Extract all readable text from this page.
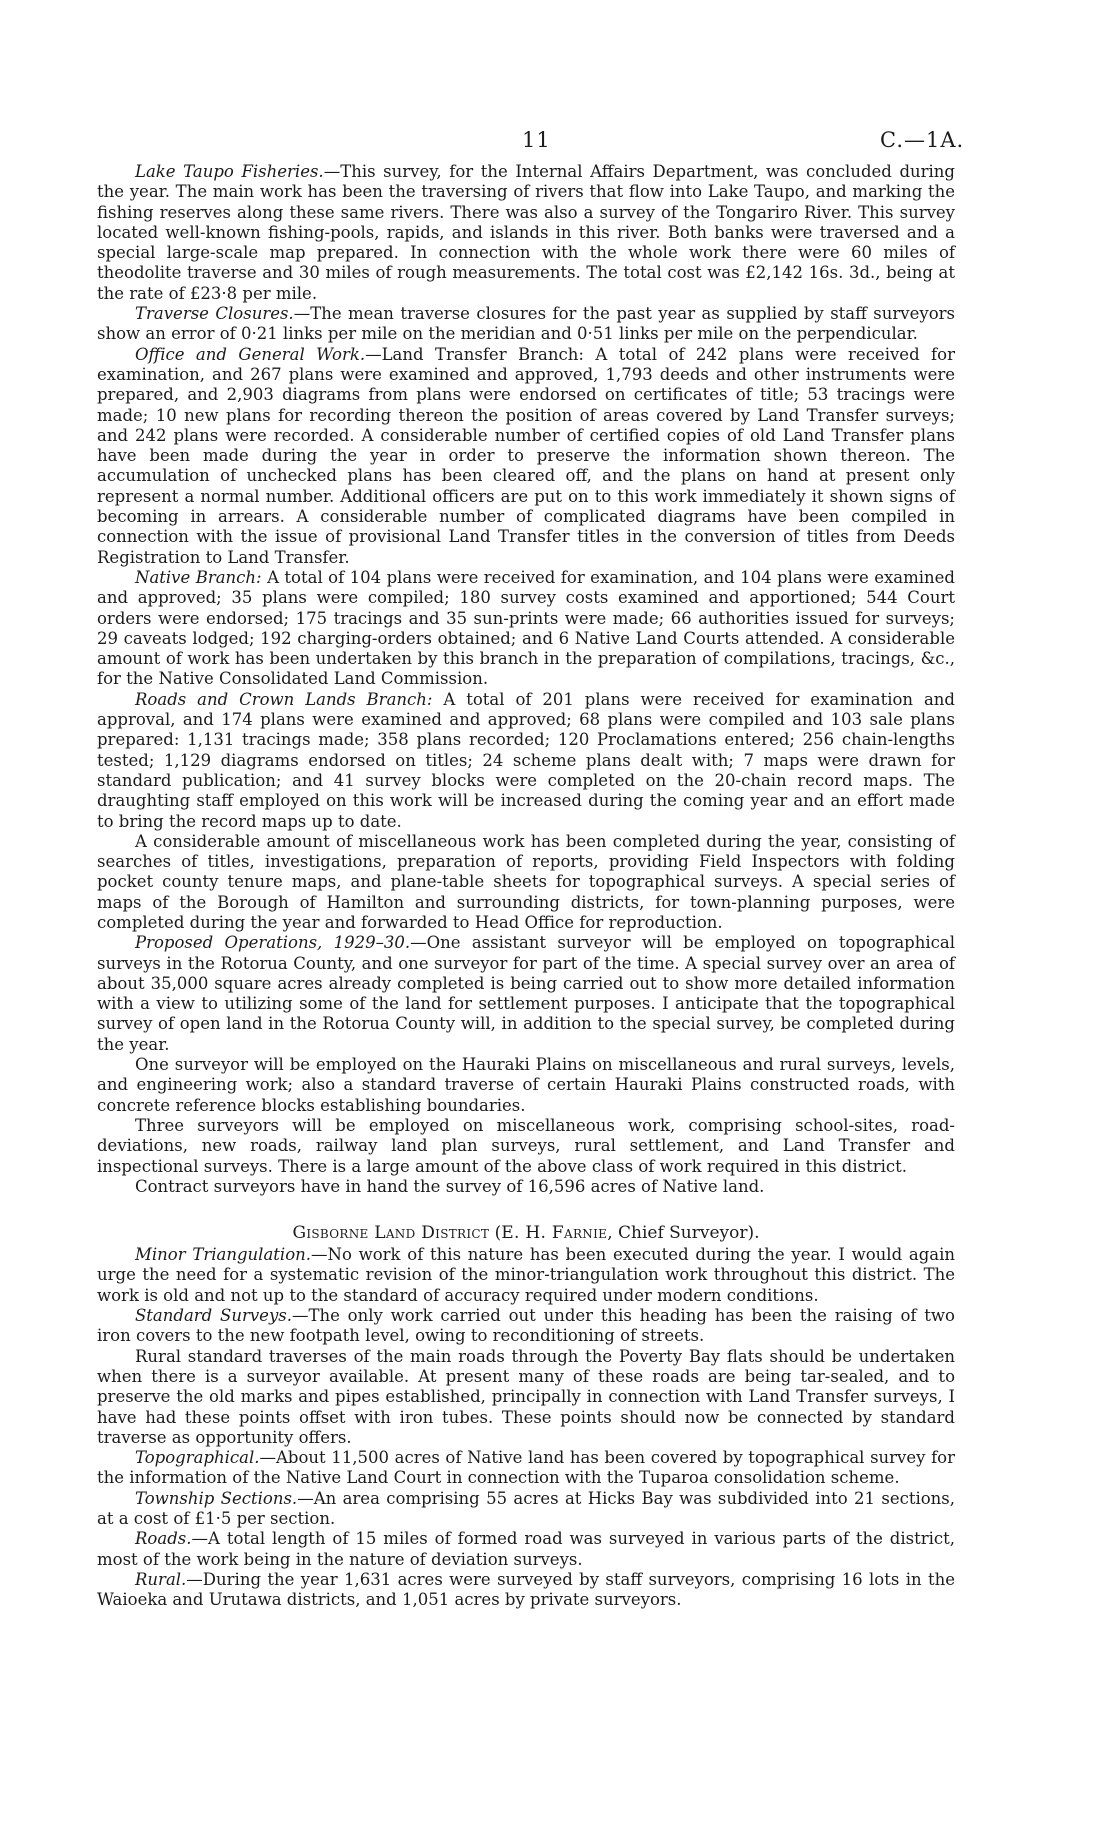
11	C.—1A.

Lake Taupo Fisheries.—This survey, for the Internal Affairs Department, was concluded during the year. The main work has been the traversing of rivers that flow into Lake Taupo, and marking the fishing reserves along these same rivers. There was also a survey of the Tongariro River. This survey located well-known fishing-pools, rapids, and islands in this river. Both banks were traversed and a special large-scale map prepared. In connection with the whole work there were 60 miles of theodolite traverse and 30 miles of rough measurements. The total cost was £2,142 16s. 3d., being at the rate of £23·8 per mile.

Traverse Closures.—The mean traverse closures for the past year as supplied by staff surveyors show an error of 0·21 links per mile on the meridian and 0·51 links per mile on the perpendicular.

Office and General Work.—Land Transfer Branch: A total of 242 plans were received for examination, and 267 plans were examined and approved, 1,793 deeds and other instruments were prepared, and 2,903 diagrams from plans were endorsed on certificates of title; 53 tracings were made; 10 new plans for recording thereon the position of areas covered by Land Transfer surveys; and 242 plans were recorded. A considerable number of certified copies of old Land Transfer plans have been made during the year in order to preserve the information shown thereon. The accumulation of unchecked plans has been cleared off, and the plans on hand at present only represent a normal number. Additional officers are put on to this work immediately it shown signs of becoming in arrears. A considerable number of complicated diagrams have been compiled in connection with the issue of provisional Land Transfer titles in the conversion of titles from Deeds Registration to Land Transfer.

Native Branch: A total of 104 plans were received for examination, and 104 plans were examined and approved; 35 plans were compiled; 180 survey costs examined and apportioned; 544 Court orders were endorsed; 175 tracings and 35 sun-prints were made; 66 authorities issued for surveys; 29 caveats lodged; 192 charging-orders obtained; and 6 Native Land Courts attended. A considerable amount of work has been undertaken by this branch in the preparation of compilations, tracings, &c., for the Native Consolidated Land Commission.

Roads and Crown Lands Branch: A total of 201 plans were received for examination and approval, and 174 plans were examined and approved; 68 plans were compiled and 103 sale plans prepared: 1,131 tracings made; 358 plans recorded; 120 Proclamations entered; 256 chain-lengths tested; 1,129 diagrams endorsed on titles; 24 scheme plans dealt with; 7 maps were drawn for standard publication; and 41 survey blocks were completed on the 20-chain record maps. The draughting staff employed on this work will be increased during the coming year and an effort made to bring the record maps up to date.

A considerable amount of miscellaneous work has been completed during the year, consisting of searches of titles, investigations, preparation of reports, providing Field Inspectors with folding pocket county tenure maps, and plane-table sheets for topographical surveys. A special series of maps of the Borough of Hamilton and surrounding districts, for town-planning purposes, were completed during the year and forwarded to Head Office for reproduction.

Proposed Operations, 1929–30.—One assistant surveyor will be employed on topographical surveys in the Rotorua County, and one surveyor for part of the time. A special survey over an area of about 35,000 square acres already completed is being carried out to show more detailed information with a view to utilizing some of the land for settlement purposes. I anticipate that the topographical survey of open land in the Rotorua County will, in addition to the special survey, be completed during the year.

One surveyor will be employed on the Hauraki Plains on miscellaneous and rural surveys, levels, and engineering work; also a standard traverse of certain Hauraki Plains constructed roads, with concrete reference blocks establishing boundaries.

Three surveyors will be employed on miscellaneous work, comprising school-sites, road-deviations, new roads, railway land plan surveys, rural settlement, and Land Transfer and inspectional surveys. There is a large amount of the above class of work required in this district.

Contract surveyors have in hand the survey of 16,596 acres of Native land.

Gisborne Land District (E. H. Farnie, Chief Surveyor).

Minor Triangulation.—No work of this nature has been executed during the year. I would again urge the need for a systematic revision of the minor-triangulation work throughout this district. The work is old and not up to the standard of accuracy required under modern conditions.

Standard Surveys.—The only work carried out under this heading has been the raising of two iron covers to the new footpath level, owing to reconditioning of streets.

Rural standard traverses of the main roads through the Poverty Bay flats should be undertaken when there is a surveyor available. At present many of these roads are being tar-sealed, and to preserve the old marks and pipes established, principally in connection with Land Transfer surveys, I have had these points offset with iron tubes. These points should now be connected by standard traverse as opportunity offers.

Topographical.—About 11,500 acres of Native land has been covered by topographical survey for the information of the Native Land Court in connection with the Tuparoa consolidation scheme.

Township Sections.—An area comprising 55 acres at Hicks Bay was subdivided into 21 sections, at a cost of £1·5 per section.

Roads.—A total length of 15 miles of formed road was surveyed in various parts of the district, most of the work being in the nature of deviation surveys.

Rural.—During the year 1,631 acres were surveyed by staff surveyors, comprising 16 lots in the Waioeka and Urutawa districts, and 1,051 acres by private surveyors.
